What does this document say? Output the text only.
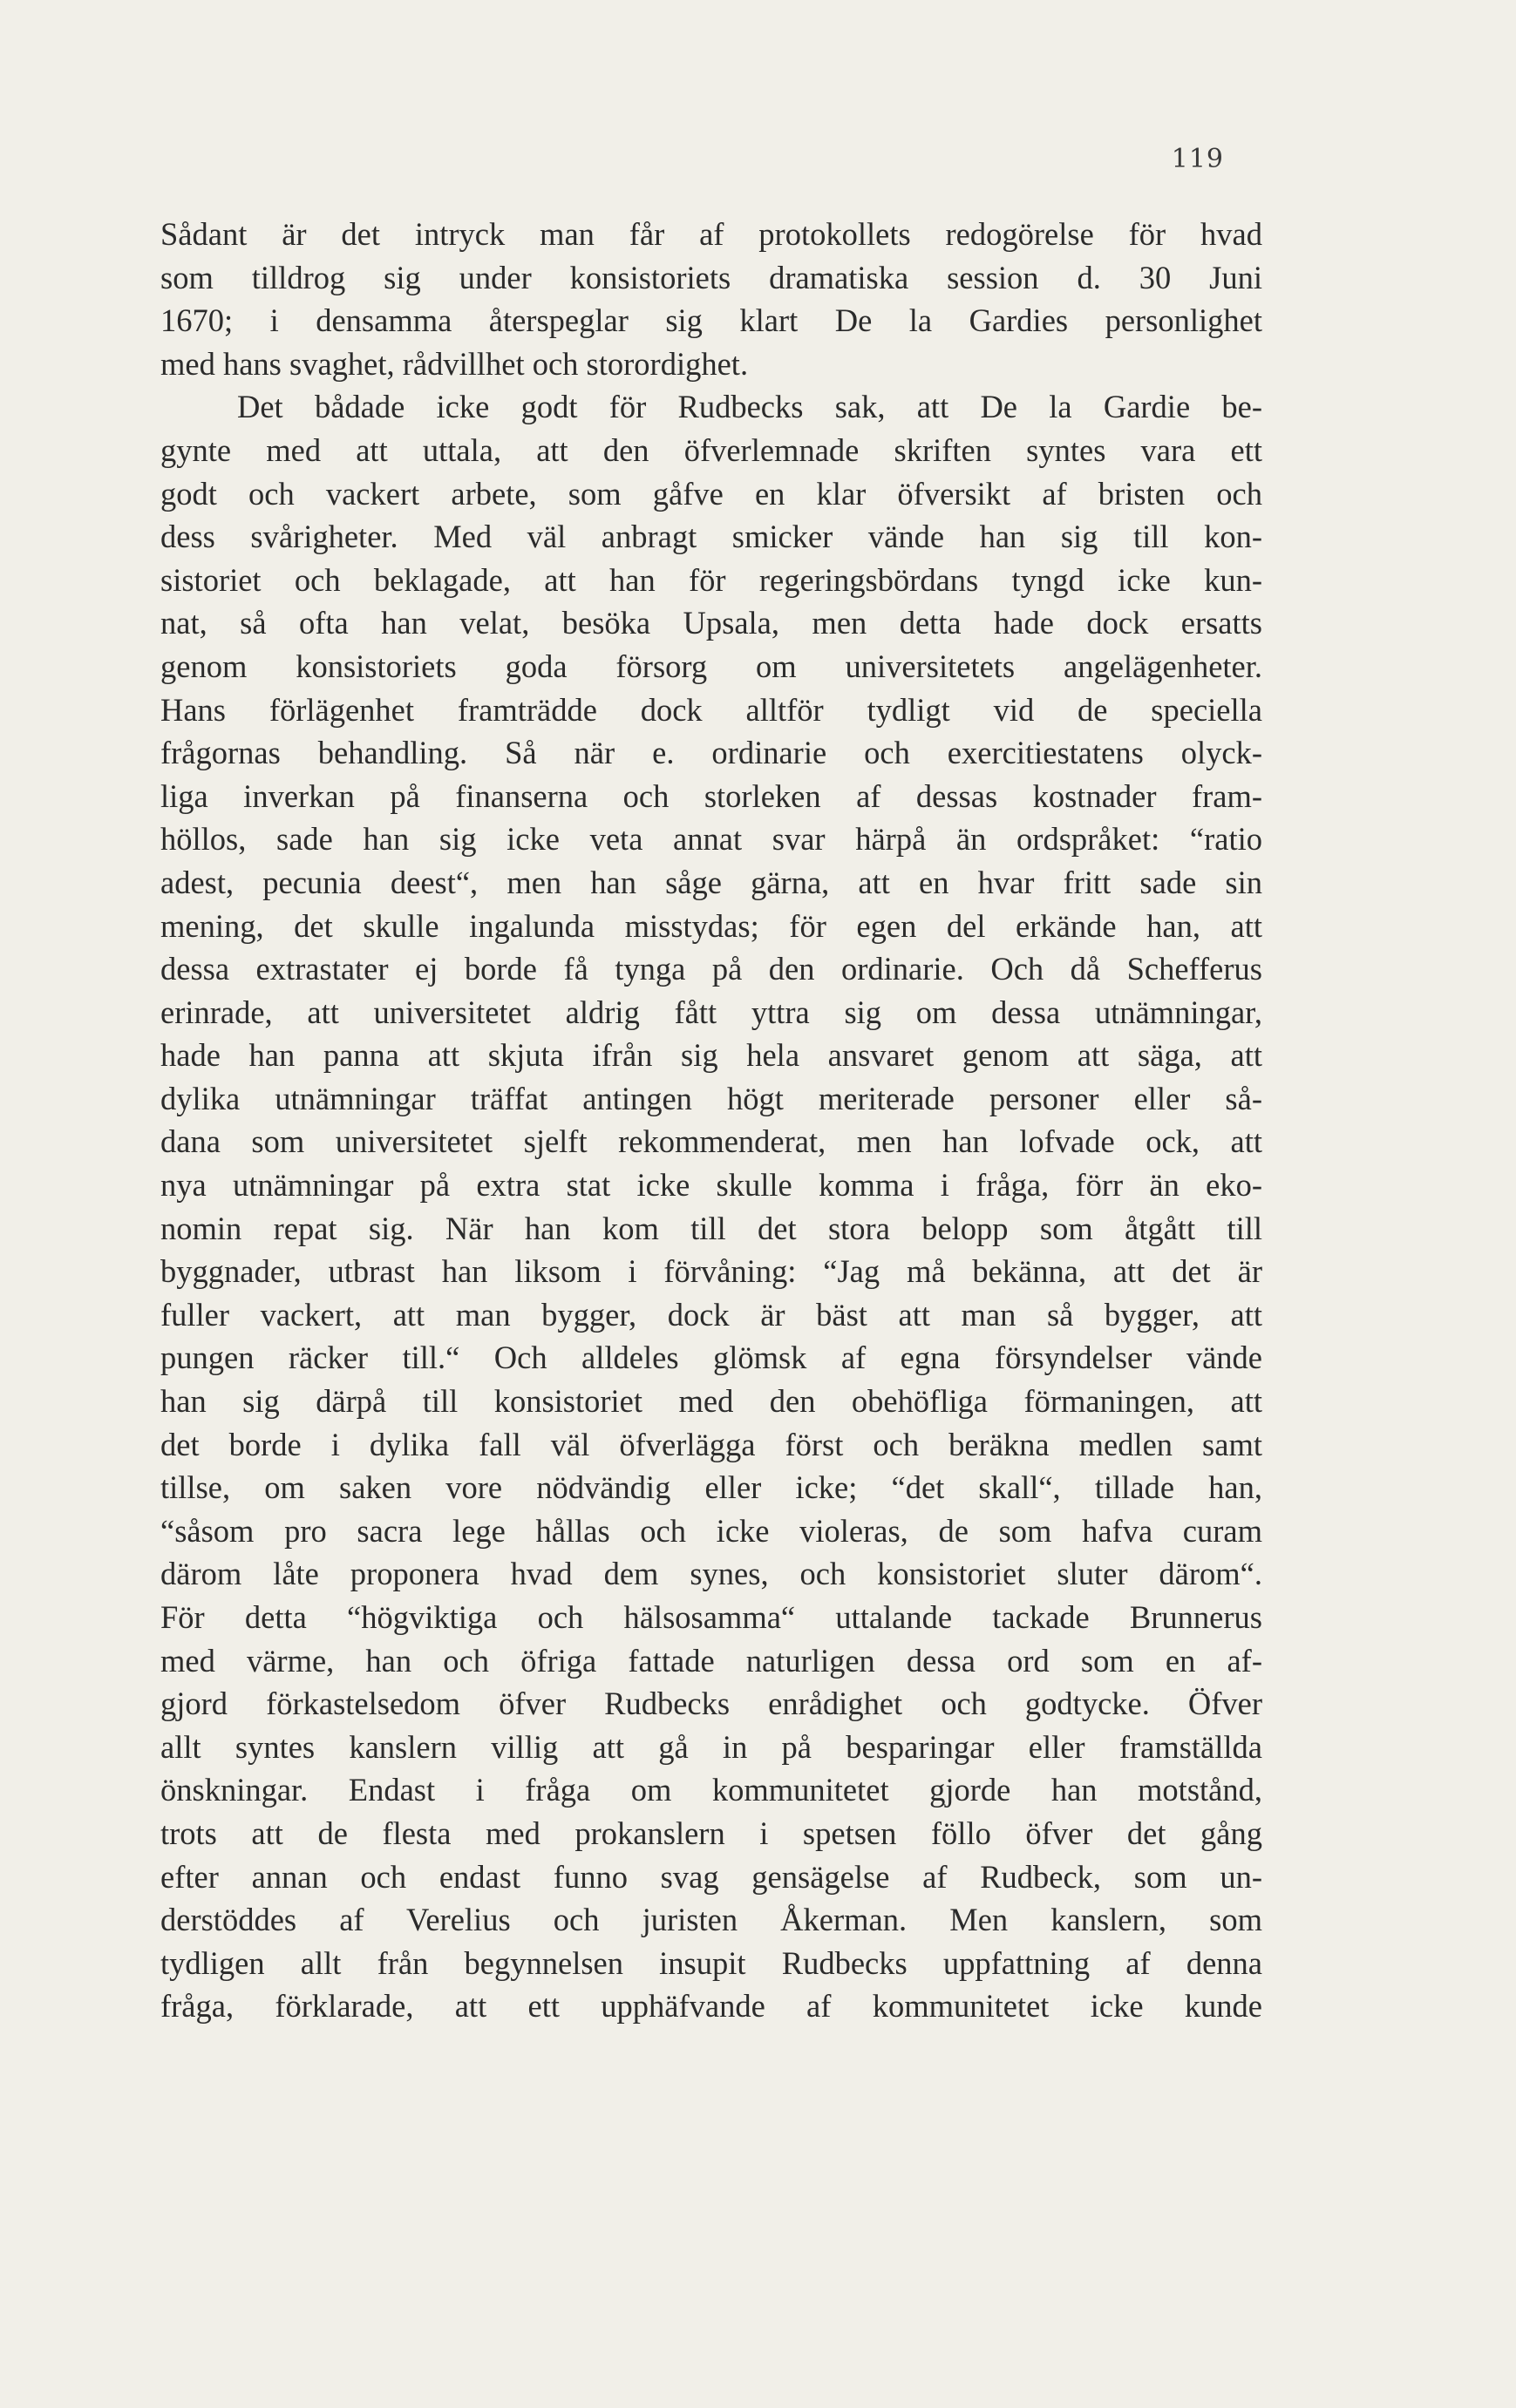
119
Sådant är det intryck man får af protokollets redogörelse för hvad
som tilldrog sig under konsistoriets dramatiska session d. 30 Juni
1670; i densamma återspeglar sig klart De la Gardies personlighet
med hans svaghet, rådvillhet och storordighet.
Det bådade icke godt för Rudbecks sak, att De la Gardie be-
gynte med att uttala, att den öfverlemnade skriften syntes vara ett
godt och vackert arbete, som gåfve en klar öfversikt af bristen och
dess svårigheter. Med väl anbragt smicker vände han sig till kon-
sistoriet och beklagade, att han för regeringsbördans tyngd icke kun-
nat, så ofta han velat, besöka Upsala, men detta hade dock ersatts
genom konsistoriets goda försorg om universitetets angelägenheter.
Hans förlägenhet framträdde dock alltför tydligt vid de speciella
frågornas behandling. Så när e. ordinarie och exercitiestatens olyck-
liga inverkan på finanserna och storleken af dessas kostnader fram-
höllos, sade han sig icke veta annat svar härpå än ordspråket: “ratio
adest, pecunia deest“, men han såge gärna, att en hvar fritt sade sin
mening, det skulle ingalunda misstydas; för egen del erkände han, att
dessa extrastater ej borde få tynga på den ordinarie. Och då Schefferus
erinrade, att universitetet aldrig fått yttra sig om dessa utnämningar,
hade han panna att skjuta ifrån sig hela ansvaret genom att säga, att
dylika utnämningar träffat antingen högt meriterade personer eller så-
dana som universitetet sjelft rekommenderat, men han lofvade ock, att
nya utnämningar på extra stat icke skulle komma i fråga, förr än eko-
nomin repat sig. När han kom till det stora belopp som åtgått till
byggnader, utbrast han liksom i förvåning: “Jag må bekänna, att det är
fuller vackert, att man bygger, dock är bäst att man så bygger, att
pungen räcker till.“ Och alldeles glömsk af egna försyndelser vände
han sig därpå till konsistoriet med den obehöfliga förmaningen, att
det borde i dylika fall väl öfverlägga först och beräkna medlen samt
tillse, om saken vore nödvändig eller icke; “det skall“, tillade han,
“såsom pro sacra lege hållas och icke violeras, de som hafva curam
därom låte proponera hvad dem synes, och konsistoriet sluter därom“.
För detta “högviktiga och hälsosamma“ uttalande tackade Brunnerus
med värme, han och öfriga fattade naturligen dessa ord som en af-
gjord förkastelsedom öfver Rudbecks enrådighet och godtycke. Öfver
allt syntes kanslern villig att gå in på besparingar eller framställda
önskningar. Endast i fråga om kommunitetet gjorde han motstånd,
trots att de flesta med prokanslern i spetsen föllo öfver det gång
efter annan och endast funno svag gensägelse af Rudbeck, som un-
derstöddes af Verelius och juristen Åkerman. Men kanslern, som
tydligen allt från begynnelsen insupit Rudbecks uppfattning af denna
fråga, förklarade, att ett upphäfvande af kommunitetet icke kunde
